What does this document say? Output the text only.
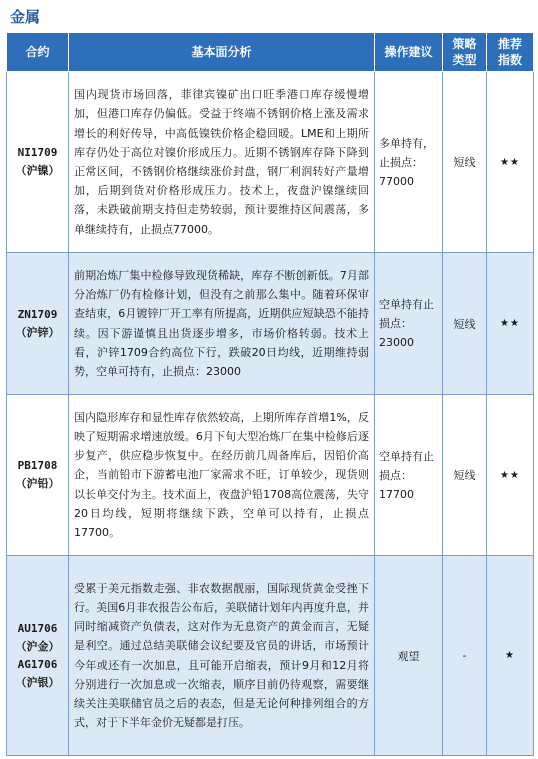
金属
合约	基本面分析	操作建议	策略类型	推荐指数

NI1709
（沪镍）	国内现货市场回落，菲律宾镍矿出口旺季港口库存缓慢增加，但港口库存仍偏低。受益于终端不锈钢价格上涨及需求增长的利好传导，中高低镍铁价格企稳回暖。LME和上期所库存仍处于高位对镍价形成压力。近期不锈钢库存降下降到正常区间，不锈钢价格继续涨价封盘，钢厂利润转好产量增加，后期到货对价格形成压力。技术上，夜盘沪镍继续回落，未跌破前期支持但走势较弱，预计要维持区间震荡，多单继续持有，止损点77000。	多单持有，止损点：77000	短线	★★

ZN1709
（沪锌）	前期冶炼厂集中检修导致现货稀缺，库存不断创新低。7月部分冶炼厂仍有检修计划，但没有之前那么集中。随着环保审查结束，6月镀锌厂开工率有所提高，近期供应短缺恐不能持续。因下游谨慎且出货逐步增多，市场价格转弱。技术上看，沪锌1709合约高位下行，跌破20日均线，近期维持弱势，空单可持有，止损点：23000	空单持有止损点：23000	短线	★★

PB1708
（沪铅）	国内隐形库存和显性库存依然较高，上期所库存首增1%，反映了短期需求增速放缓。6月下旬大型冶炼厂在集中检修后逐步复产，供应稳步恢复中。在经历前几周备库后，因铅价高企，当前铅市下游蓄电池厂家需求不旺，订单较少，现货则以长单交付为主。技术面上，夜盘沪铅1708高位震荡，失守20日均线，短期将继续下跌，空单可以持有，止损点17700。	空单持有止损点：17700	短线	★★

AU1706（沪金）AG1706
（沪银）	受累于美元指数走强、非农数据靓丽，国际现货黄金受挫下行。美国6月非农报告公布后，美联储计划年内再度升息，并同时缩减资产负债表，这对作为无息资产的黄金而言，无疑是利空。通过总结美联储会议纪要及官员的讲话，市场预计今年或还有一次加息，且可能开启缩表，预计9月和12月将分别进行一次加息或一次缩表，顺序目前仍待观察，需要继续关注美联储官员之后的表态，但是无论何种排列组合的方式，对于下半年金价无疑都是打压。	观望	-	★
